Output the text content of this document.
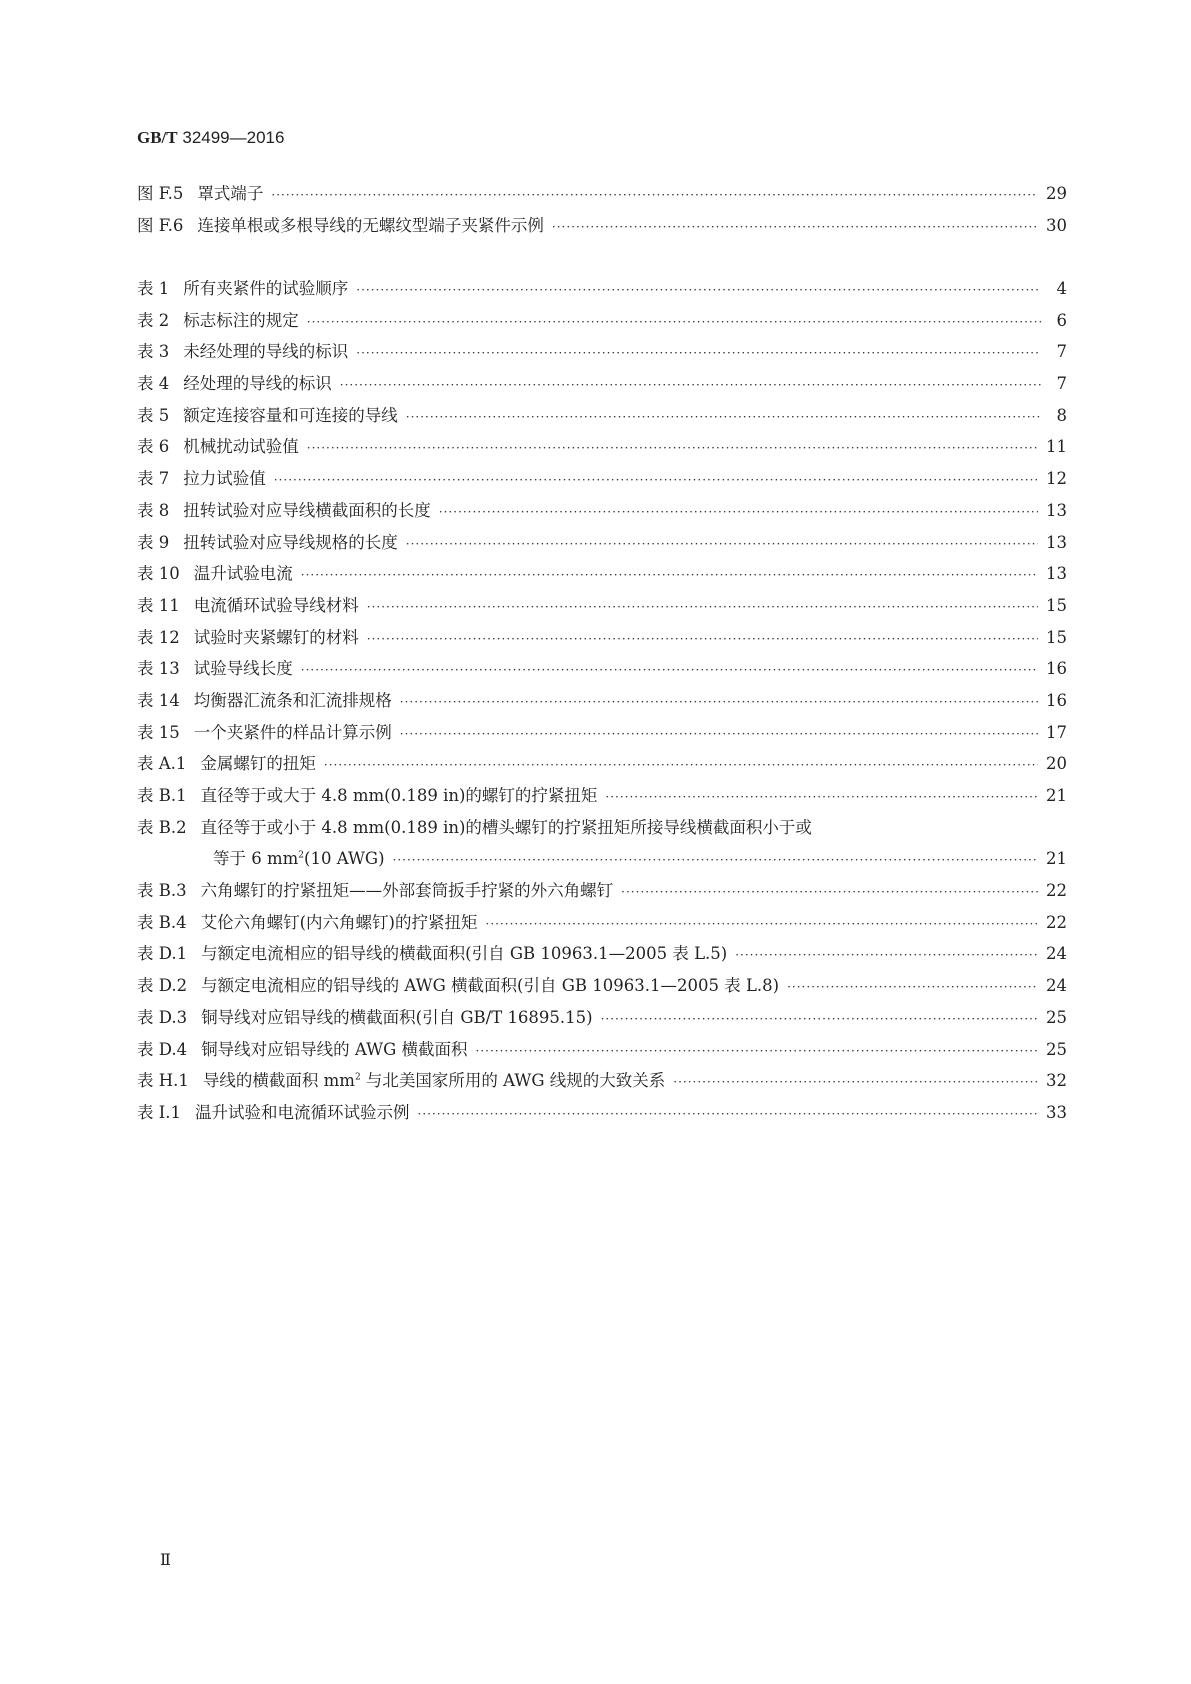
GB/T 32499—2016
图 F.5 罩式端子 ·····	29
图 F.6 连接单根或多根导线的无螺纹型端子夹紧件示例 ·····	30
表 1 所有夹紧件的试验顺序 ·····	4
表 2 标志标注的规定 ·····	6
表 3 未经处理的导线的标识 ·····	7
表 4 经处理的导线的标识 ·····	7
表 5 额定连接容量和可连接的导线 ·····	8
表 6 机械扰动试验值 ·····	11
表 7 拉力试验值 ·····	12
表 8 扭转试验对应导线横截面积的长度 ·····	13
表 9 扭转试验对应导线规格的长度 ·····	13
表 10 温升试验电流 ·····	13
表 11 电流循环试验导线材料 ·····	15
表 12 试验时夹紧螺钉的材料 ·····	15
表 13 试验导线长度 ·····	16
表 14 均衡器汇流条和汇流排规格 ·····	16
表 15 一个夹紧件的样品计算示例 ·····	17
表 A.1 金属螺钉的扭矩 ·····	20
表 B.1 直径等于或大于 4.8 mm(0.189 in)的螺钉的拧紧扭矩 ·····	21
表 B.2 直径等于或小于 4.8 mm(0.189 in)的槽头螺钉的拧紧扭矩所接导线横截面积小于或
等于 6 $mm^2(10$ AWG) ·····	21
表 B.3 六角螺钉的拧紧扭矩——外部套筒扳手拧紧的外六角螺钉 ·····	22
表 B.4 艾伦六角螺钉(内六角螺钉)的拧紧扭矩 ·····	22
表 D.1 与额定电流相应的铝导线的横截面积(引自 GB 10963.1—2005 表 L.5) ·····	24
表 D.2 与额定电流相应的铝导线的 AWG 横截面积(引自 GB 10963.1—2005 表 L.8) ·····	24
表 D.3 铜导线对应铝导线的横截面积(引自 GB/T 16895.15) ·····	25
表 D.4 铜导线对应铝导线的 AWG 横截面积 ·····	25
表 H.1 导线的横截面积 $mm^2$ 与北美国家所用的 AWG 线规的大致关系 ·····	32
表 I.1 温升试验和电流循环试验示例 ·····	33
Ⅱ
